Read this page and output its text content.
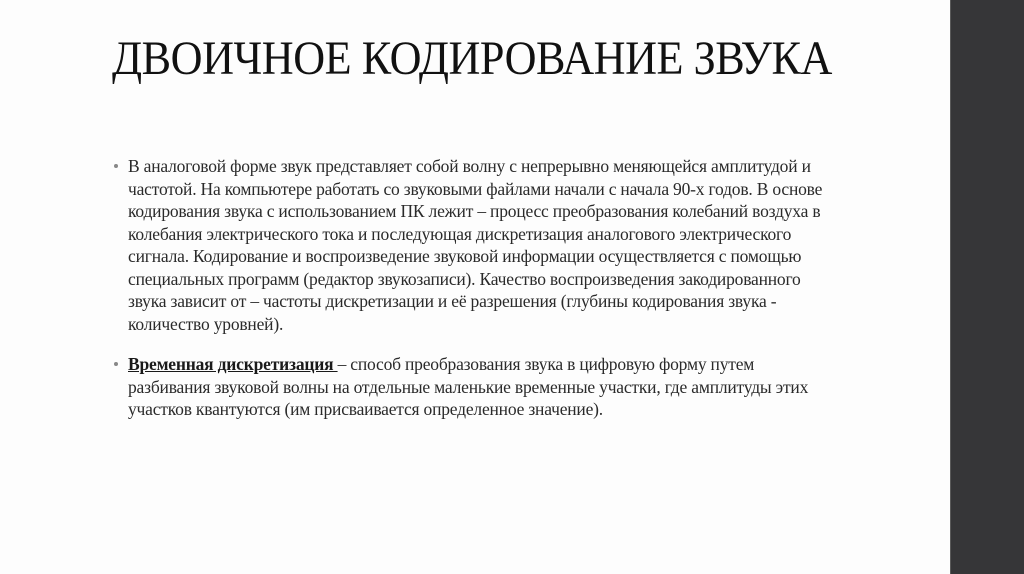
ДВОИЧНОЕ КОДИРОВАНИЕ ЗВУКА
В аналоговой форме звук представляет собой волну с непрерывно меняющейся амплитудой и частотой. На компьютере работать со звуковыми файлами начали с начала 90-х годов. В основе кодирования звука с использованием ПК лежит – процесс преобразования колебаний воздуха в колебания электрического тока и последующая дискретизация аналогового электрического сигнала. Кодирование и воспроизведение звуковой информации осуществляется с помощью специальных программ (редактор звукозаписи). Качество воспроизведения закодированного звука зависит от – частоты дискретизации и её разрешения (глубины кодирования звука - количество уровней).
Временная дискретизация – способ преобразования звука в цифровую форму путем разбивания звуковой волны на отдельные маленькие временные участки, где амплитуды этих участков квантуются (им присваивается определенное значение).
